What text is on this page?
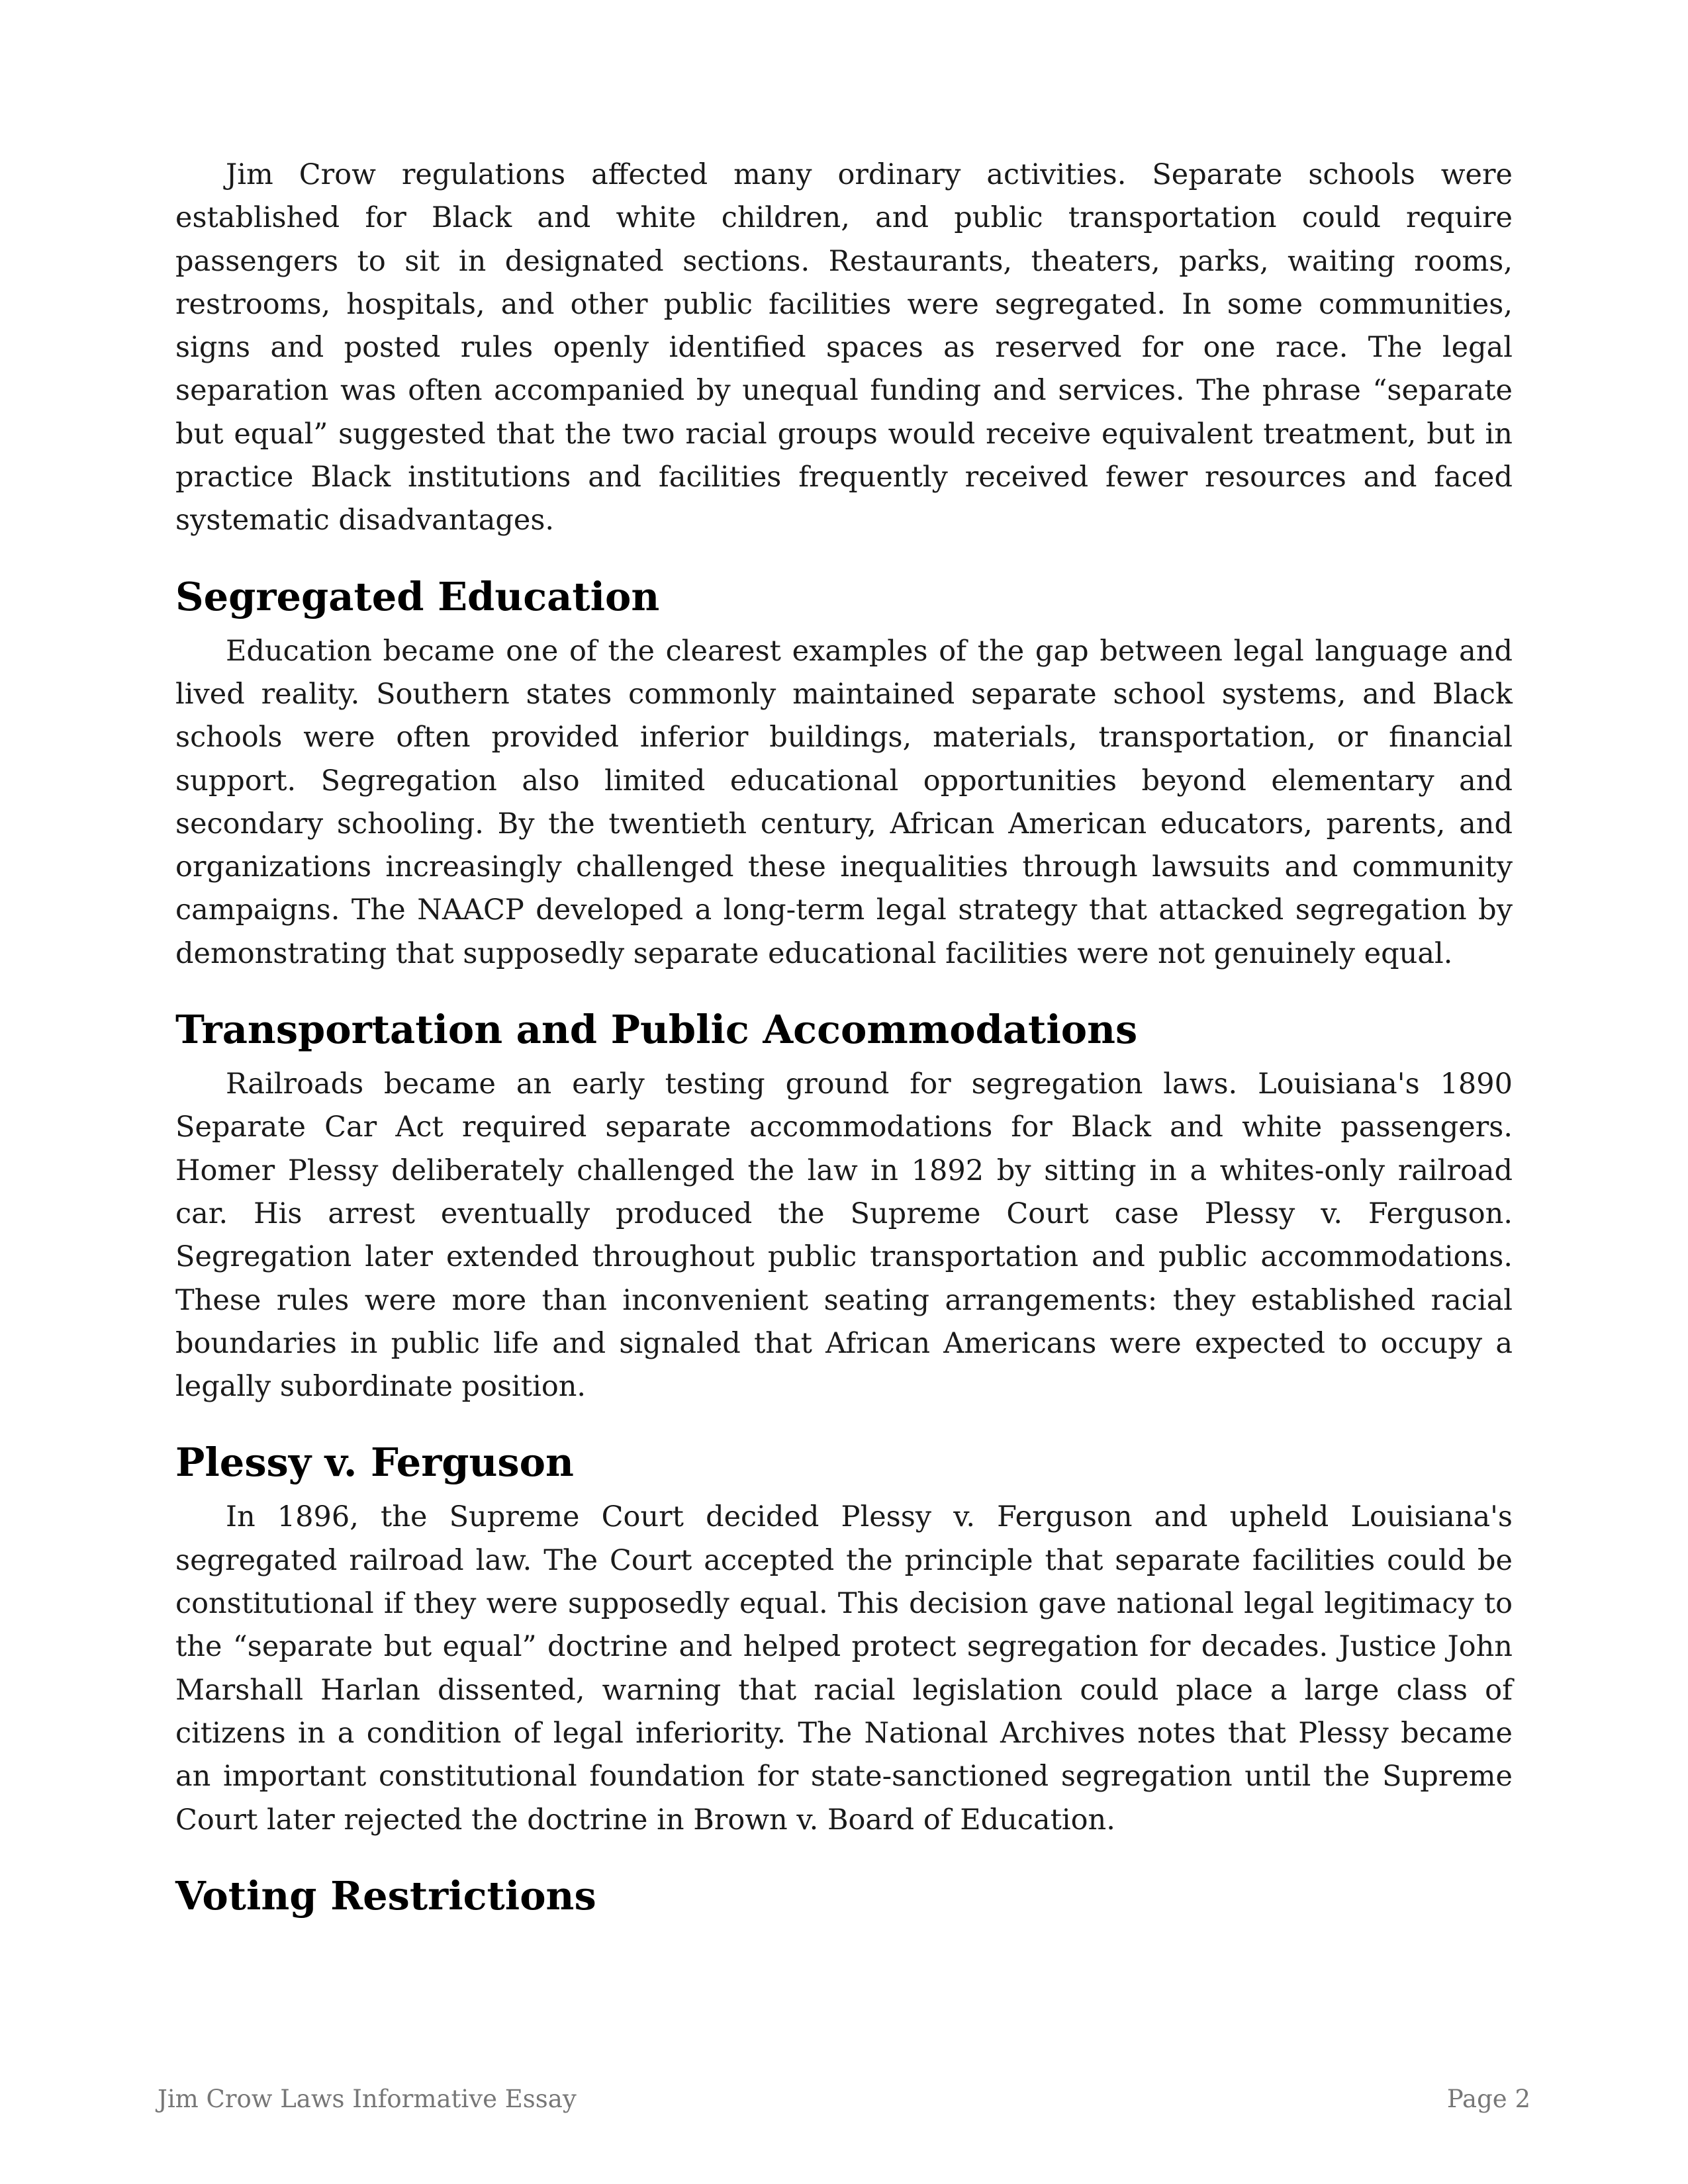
Jim Crow regulations affected many ordinary activities. Separate schools were established for Black and white children, and public transportation could require passengers to sit in designated sections. Restaurants, theaters, parks, waiting rooms, restrooms, hospitals, and other public facilities were segregated. In some communities, signs and posted rules openly identified spaces as reserved for one race. The legal separation was often accompanied by unequal funding and services. The phrase “separate but equal” suggested that the two racial groups would receive equivalent treatment, but in practice Black institutions and facilities frequently received fewer resources and faced systematic disadvantages.

Segregated Education

Education became one of the clearest examples of the gap between legal language and lived reality. Southern states commonly maintained separate school systems, and Black schools were often provided inferior buildings, materials, transportation, or financial support. Segregation also limited educational opportunities beyond elementary and secondary schooling. By the twentieth century, African American educators, parents, and organizations increasingly challenged these inequalities through lawsuits and community campaigns. The NAACP developed a long-term legal strategy that attacked segregation by demonstrating that supposedly separate educational facilities were not genuinely equal.

Transportation and Public Accommodations

Railroads became an early testing ground for segregation laws. Louisiana's 1890 Separate Car Act required separate accommodations for Black and white passengers. Homer Plessy deliberately challenged the law in 1892 by sitting in a whites-only railroad car. His arrest eventually produced the Supreme Court case Plessy v. Ferguson. Segregation later extended throughout public transportation and public accommodations. These rules were more than inconvenient seating arrangements: they established racial boundaries in public life and signaled that African Americans were expected to occupy a legally subordinate position.

Plessy v. Ferguson

In 1896, the Supreme Court decided Plessy v. Ferguson and upheld Louisiana's segregated railroad law. The Court accepted the principle that separate facilities could be constitutional if they were supposedly equal. This decision gave national legal legitimacy to the “separate but equal” doctrine and helped protect segregation for decades. Justice John Marshall Harlan dissented, warning that racial legislation could place a large class of citizens in a condition of legal inferiority. The National Archives notes that Plessy became an important constitutional foundation for state-sanctioned segregation until the Supreme Court later rejected the doctrine in Brown v. Board of Education.

Voting Restrictions
Jim Crow Laws Informative Essay	Page 2
